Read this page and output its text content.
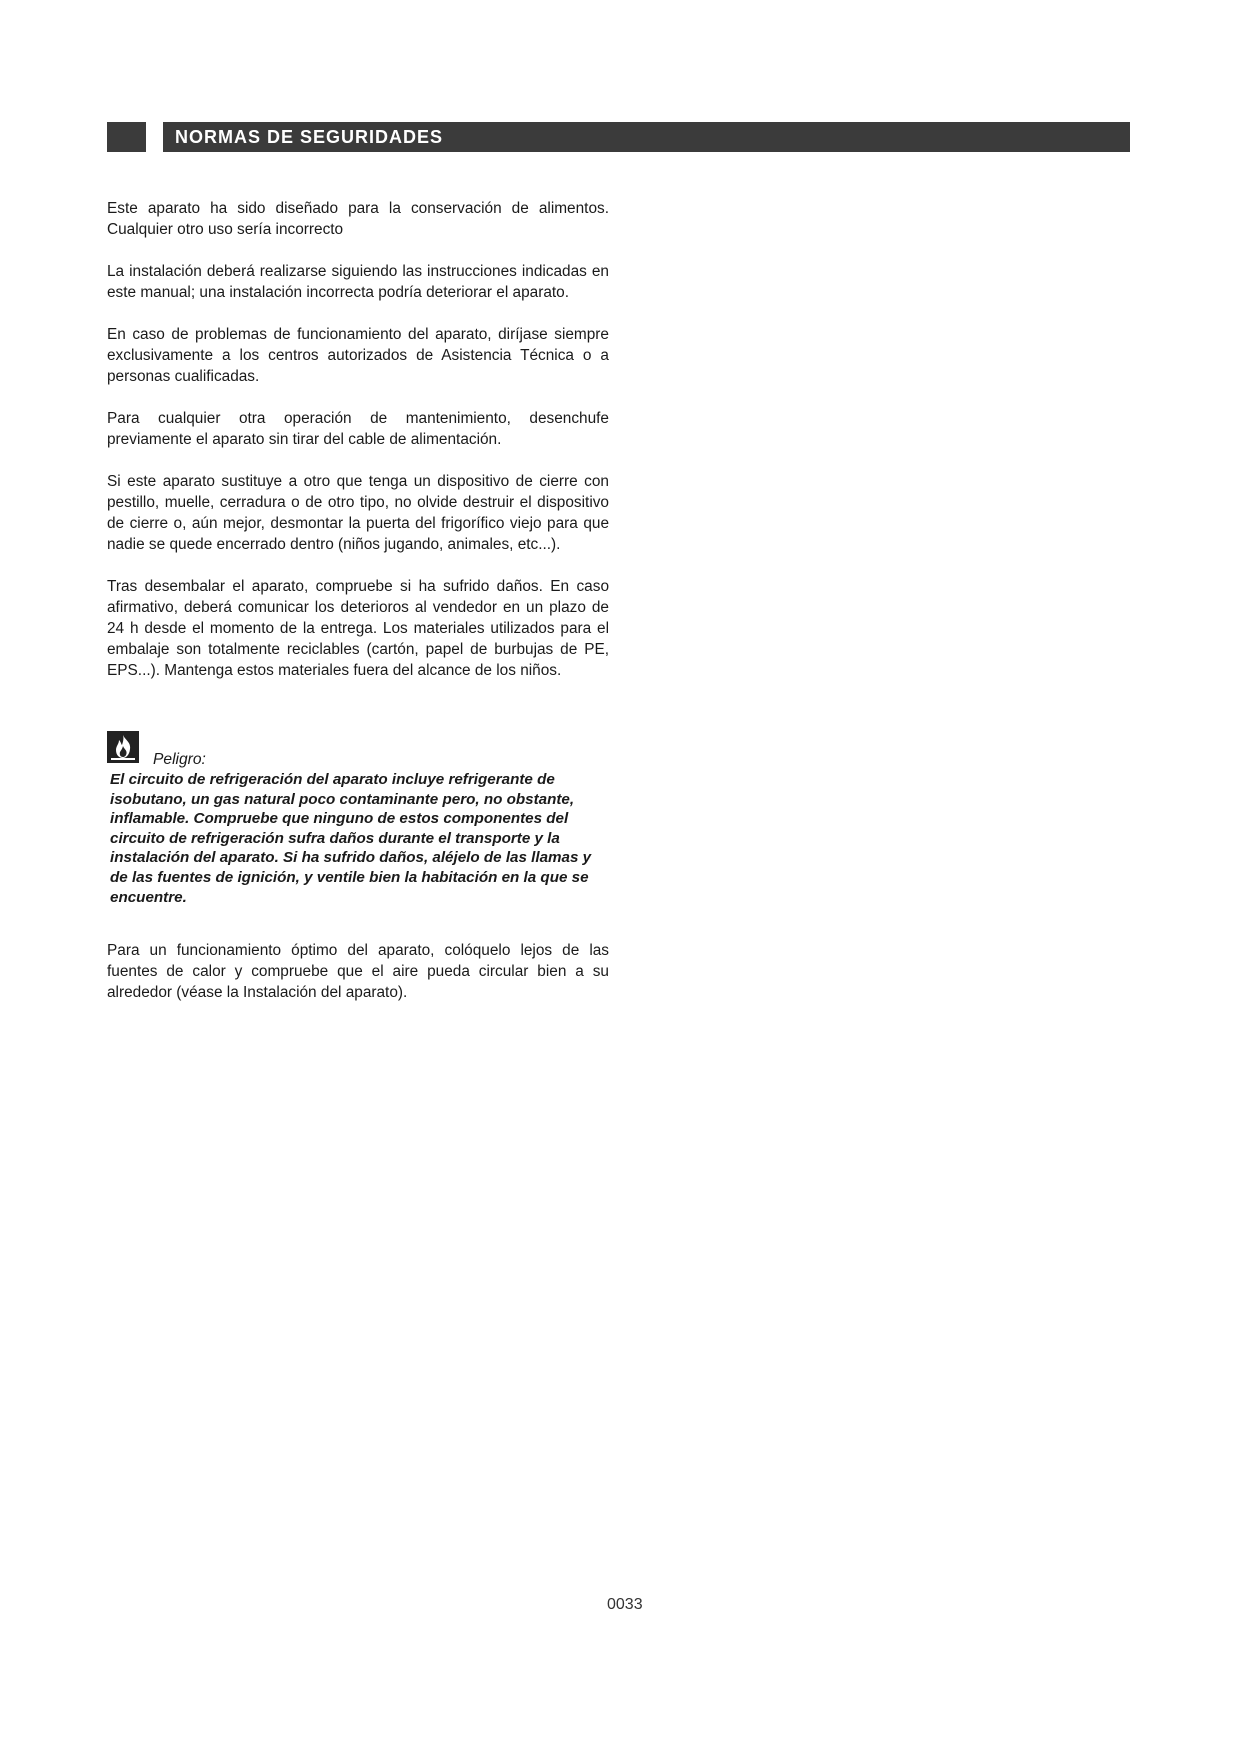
NORMAS DE SEGURIDADES

Este aparato ha sido diseñado para la conservación de alimentos. Cualquier otro uso sería incorrecto

La instalación deberá realizarse siguiendo las instrucciones indicadas en este manual; una instalación incorrecta podría deteriorar el aparato.

En caso de problemas de funcionamiento del aparato, diríjase siempre exclusivamente a los centros autorizados de Asistencia Técnica o a personas cualificadas.

Para cualquier otra operación de mantenimiento, desenchufe previamente el aparato sin tirar del cable de alimentación.

Si este aparato sustituye a otro que tenga un dispositivo de cierre con pestillo, muelle, cerradura o de otro tipo, no olvide destruir el dispositivo de cierre o, aún mejor, desmontar la puerta del frigorífico viejo para que nadie se quede encerrado dentro (niños jugando, animales, etc...).

Tras desembalar el aparato, compruebe si ha sufrido daños. En caso afirmativo, deberá comunicar los deterioros al vendedor en un plazo de 24 h desde el momento de la entrega. Los materiales utilizados para el embalaje son totalmente reciclables (cartón, papel de burbujas de PE, EPS...). Mantenga estos materiales fuera del alcance de los niños.

Peligro:

El circuito de refrigeración del aparato incluye refrigerante de isobutano, un gas natural poco contaminante pero, no obstante, inflamable. Compruebe que ninguno de estos componentes del circuito de refrigeración sufra daños durante el transporte y la instalación del aparato. Si ha sufrido daños, aléjelo de las llamas y de las fuentes de ignición, y ventile bien la habitación en la que se encuentre.

Para un funcionamiento óptimo del aparato, colóquelo lejos de las fuentes de calor y compruebe que el aire pueda circular bien a su alrededor (véase la Instalación del aparato).

0033
